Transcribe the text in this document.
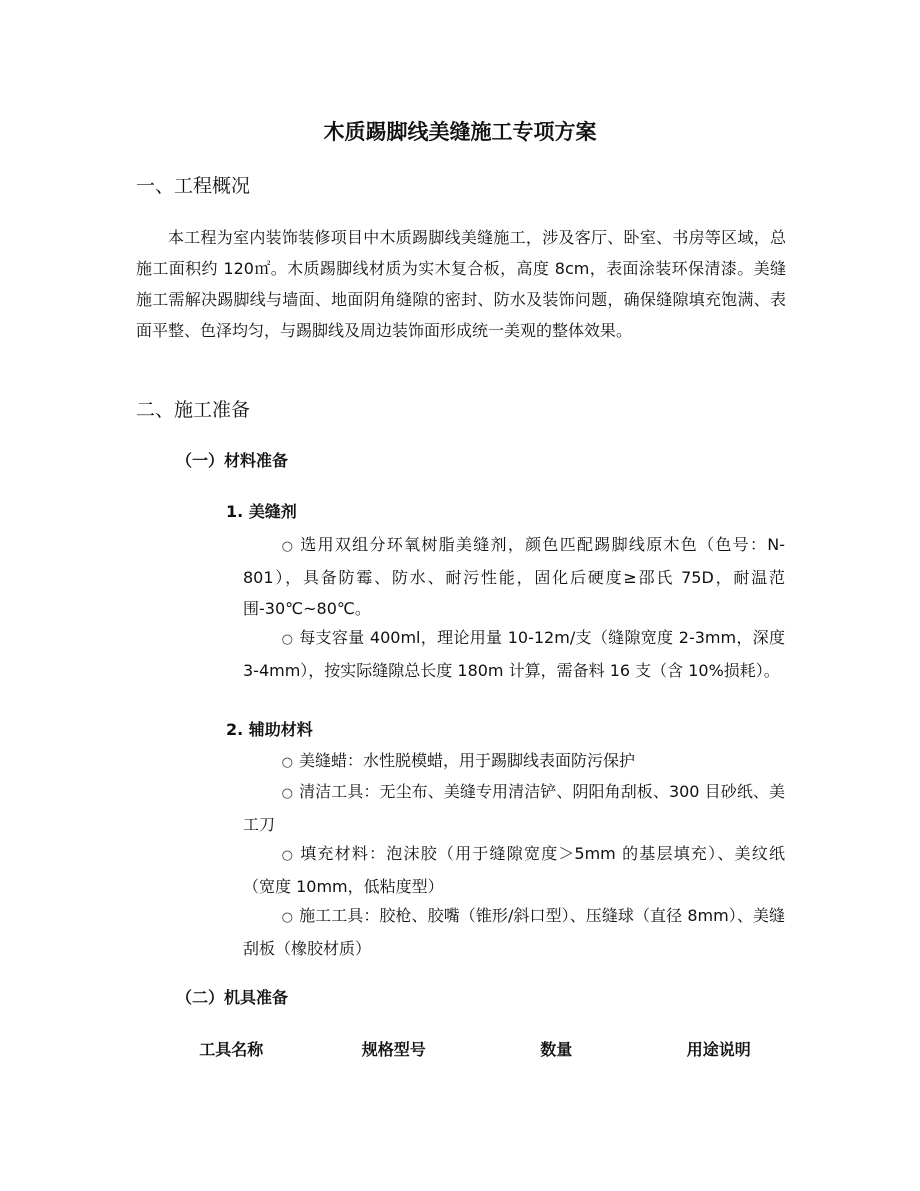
木质踢脚线美缝施工专项方案
一、工程概况
本工程为室内装饰装修项目中木质踢脚线美缝施工，涉及客厅、卧室、书房等区域，总施工面积约 120㎡。木质踢脚线材质为实木复合板，高度 8cm，表面涂装环保清漆。美缝施工需解决踢脚线与墙面、地面阴角缝隙的密封、防水及装饰问题，确保缝隙填充饱满、表面平整、色泽均匀，与踢脚线及周边装饰面形成统一美观的整体效果。
二、施工准备
（一）材料准备
1. 美缝剂
○ 选用双组分环氧树脂美缝剂，颜色匹配踢脚线原木色（色号：N-801），具备防霉、防水、耐污性能，固化后硬度≥邵氏 75D，耐温范围-30℃~80℃。
○ 每支容量 400ml，理论用量 10-12m/支（缝隙宽度 2-3mm，深度 3-4mm），按实际缝隙总长度 180m 计算，需备料 16 支（含 10%损耗）。
2. 辅助材料
○ 美缝蜡：水性脱模蜡，用于踢脚线表面防污保护
○ 清洁工具：无尘布、美缝专用清洁铲、阴阳角刮板、300 目砂纸、美工刀
○ 填充材料：泡沫胶（用于缝隙宽度＞5mm 的基层填充）、美纹纸（宽度 10mm，低粘度型）
○ 施工工具：胶枪、胶嘴（锥形/斜口型）、压缝球（直径 8mm）、美缝刮板（橡胶材质）
（二）机具准备
工具名称	规格型号	数量	用途说明
